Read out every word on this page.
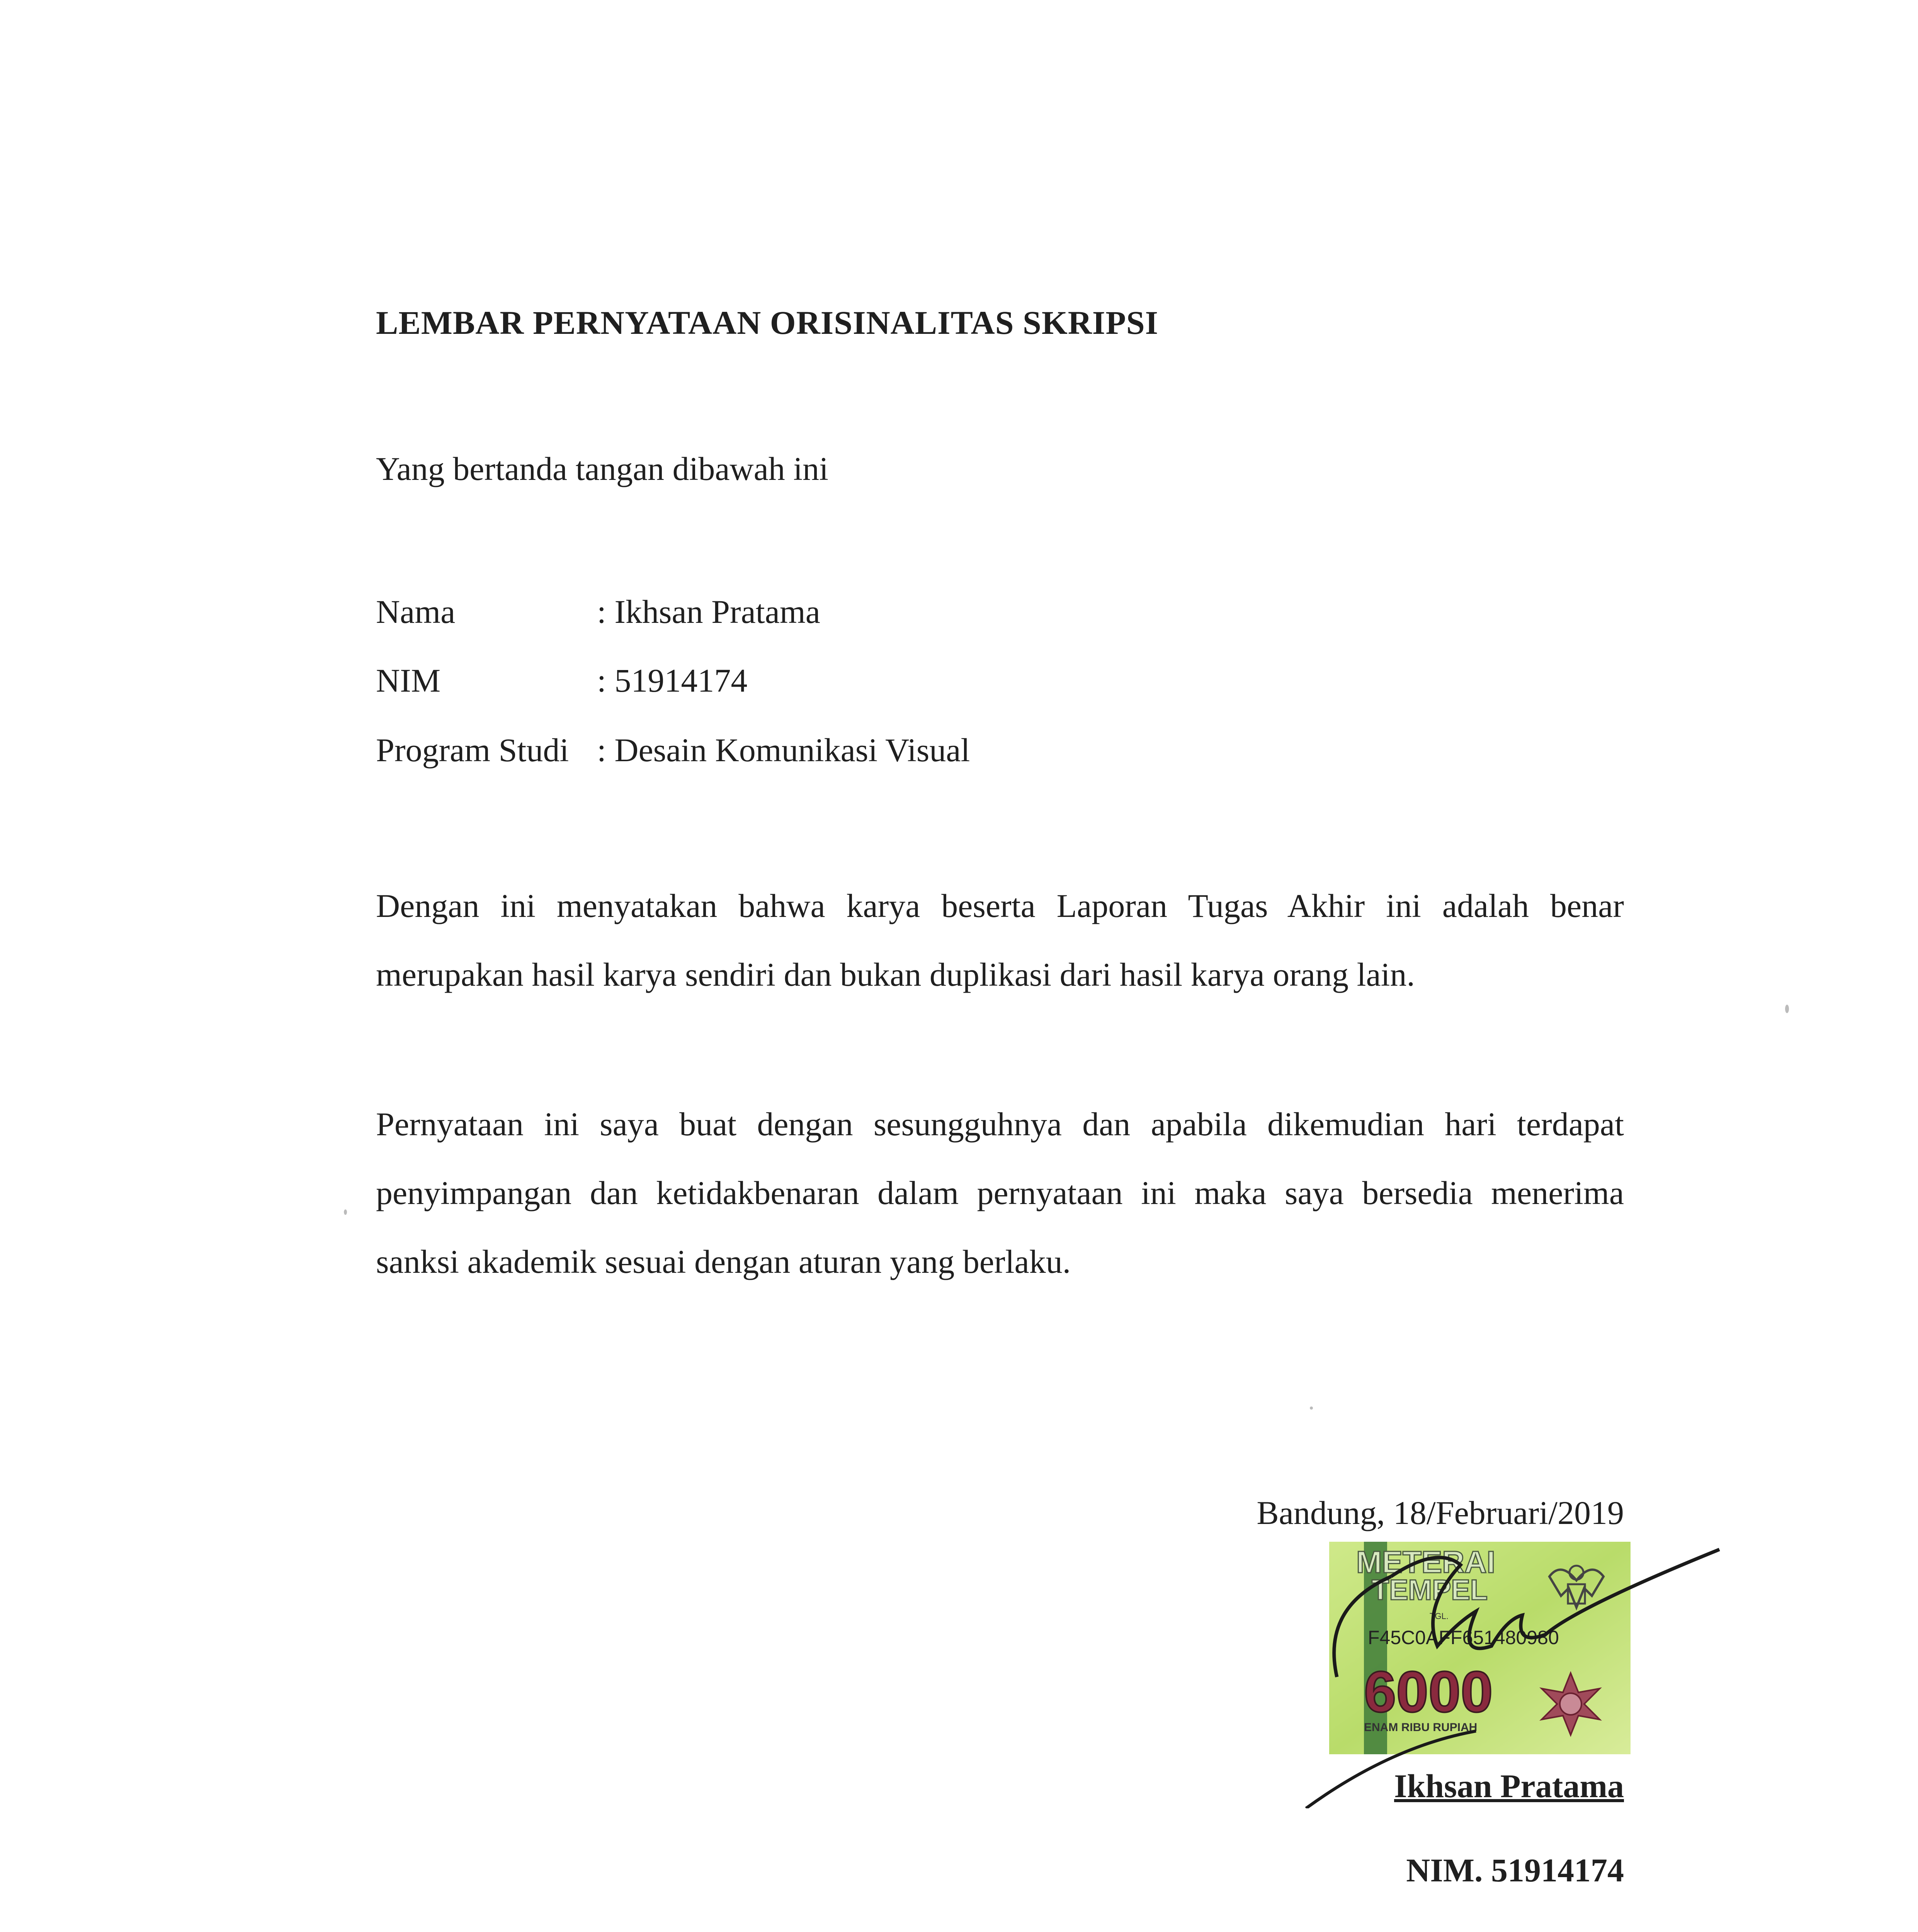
LEMBAR PERNYATAAN ORISINALITAS SKRIPSI
Yang bertanda tangan dibawah ini
Nama	: Ikhsan Pratama
NIM	: 51914174
Program Studi : Desain Komunikasi Visual
Dengan ini menyatakan bahwa karya beserta Laporan Tugas Akhir ini adalah benar merupakan hasil karya sendiri dan bukan duplikasi dari hasil karya orang lain.
Pernyataan ini saya buat dengan sesungguhnya dan apabila dikemudian hari terdapat penyimpangan dan ketidakbenaran dalam pernyataan ini maka saya bersedia menerima sanksi akademik sesuai dengan aturan yang berlaku.
Bandung, 18/Februari/2019
METERAI
TEMPEL
TGL.
F45C0AFF651480980
6000
ENAM RIBU RUPIAH
Ikhsan Pratama
NIM. 51914174
